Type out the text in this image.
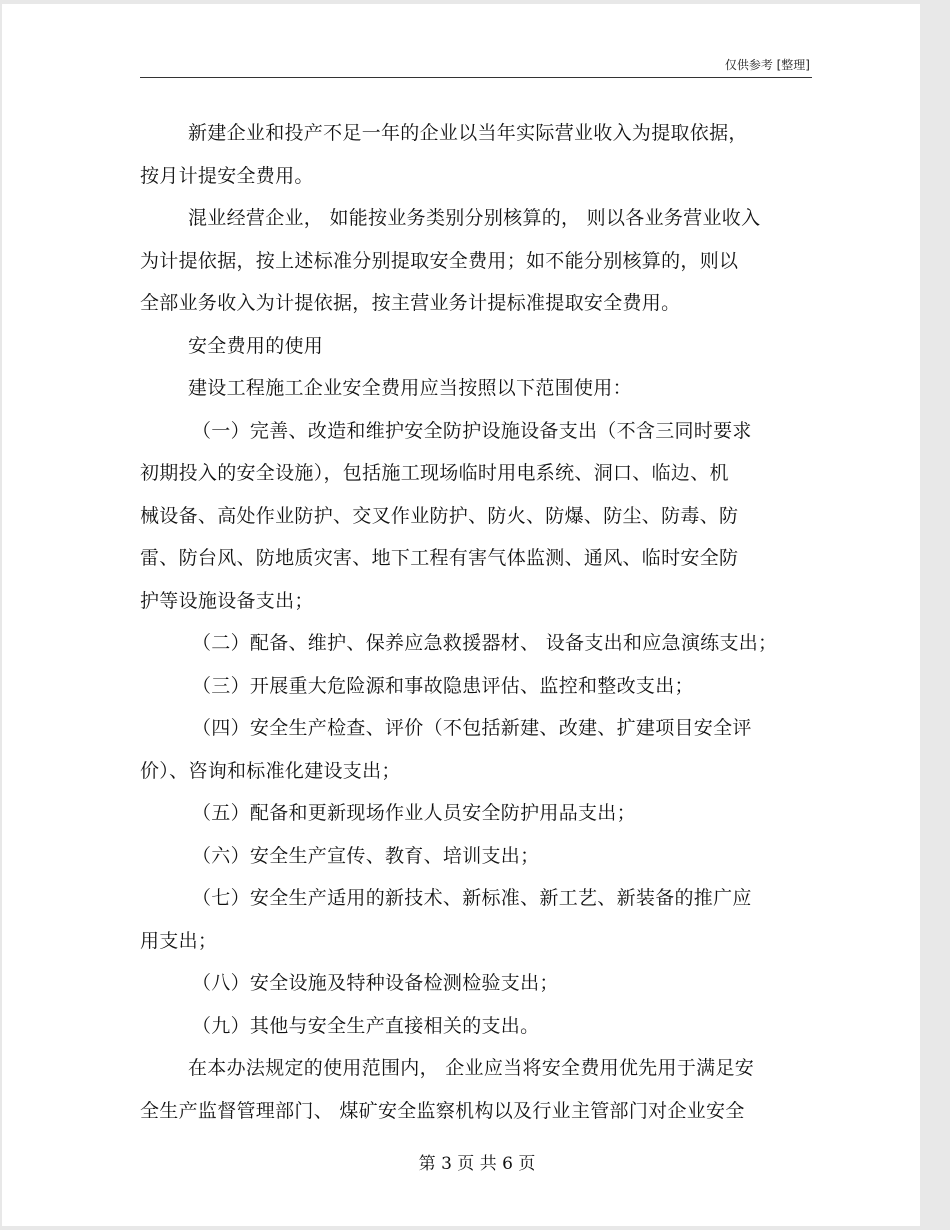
仅供参考 [整理]
新建企业和投产不足一年的企业以当年实际营业收入为提取依据，
按月计提安全费用。
混业经营企业， 如能按业务类别分别核算的， 则以各业务营业收入
为计提依据，按上述标准分别提取安全费用；如不能分别核算的，则以
全部业务收入为计提依据，按主营业务计提标准提取安全费用。
安全费用的使用
建设工程施工企业安全费用应当按照以下范围使用：
（一）完善、改造和维护安全防护设施设备支出（不含三同时要求
初期投入的安全设施），包括施工现场临时用电系统、洞口、临边、机
械设备、高处作业防护、交叉作业防护、防火、防爆、防尘、防毒、防
雷、防台风、防地质灾害、地下工程有害气体监测、通风、临时安全防
护等设施设备支出；
（二）配备、维护、保养应急救援器材、 设备支出和应急演练支出；
（三）开展重大危险源和事故隐患评估、监控和整改支出；
（四）安全生产检查、评价（不包括新建、改建、扩建项目安全评
价）、咨询和标准化建设支出；
（五）配备和更新现场作业人员安全防护用品支出；
（六）安全生产宣传、教育、培训支出；
（七）安全生产适用的新技术、新标准、新工艺、新装备的推广应
用支出；
（八）安全设施及特种设备检测检验支出；
（九）其他与安全生产直接相关的支出。
在本办法规定的使用范围内， 企业应当将安全费用优先用于满足安
全生产监督管理部门、 煤矿安全监察机构以及行业主管部门对企业安全
第 3 页 共 6 页
